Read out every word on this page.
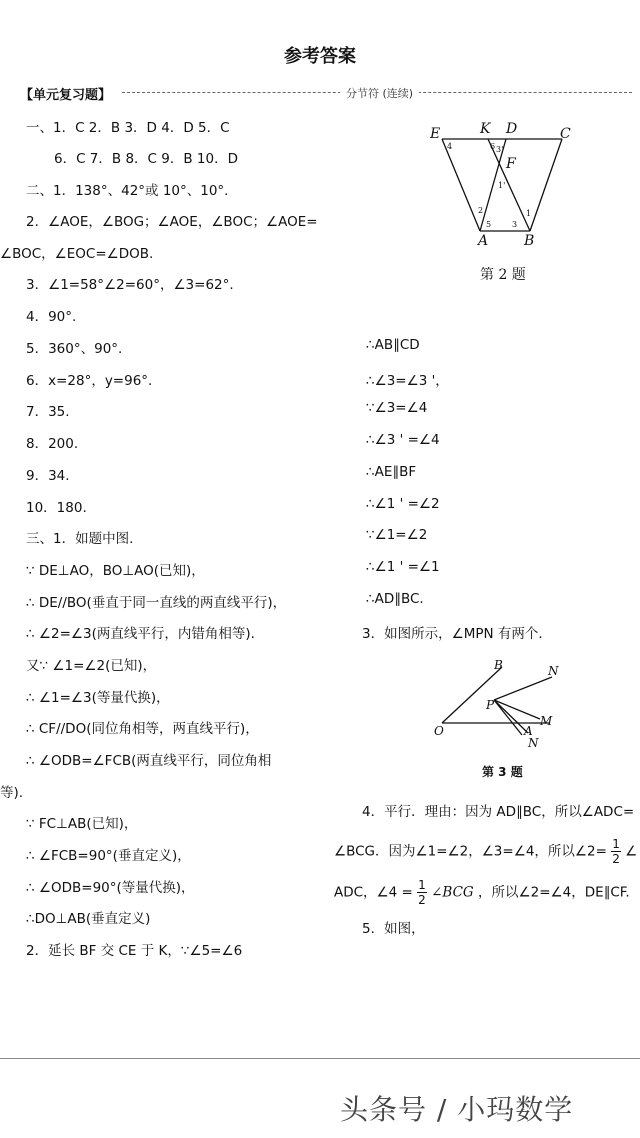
参考答案
【单元复习题】	分节符 (连续)
一、1．C 2．B 3．D 4．D 5．C
6．C 7．B 8．C 9．B 10．D
二、1．138°、42°或 10°、10°.
2．∠AOE，∠BOG；∠AOE，∠BOC；∠AOE=
∠BOC，∠EOC=∠DOB.
3．∠1=58°∠2=60°，∠3=62°.
4．90°.
5．360°、90°.
6．x=28°，y=96°.
7．35.
8．200.
9．34.
10．180.
三、1．如题中图.
∵ DE⊥AO，BO⊥AO(已知)，
∴ DE//BO(垂直于同一直线的两直线平行)，
∴ ∠2=∠3(两直线平行，内错角相等).
又∵ ∠1=∠2(已知)，
∴ ∠1=∠3(等量代换)，
∴ CF//DO(同位角相等，两直线平行)，
∴ ∠ODB=∠FCB(两直线平行，同位角相
等).
∵ FC⊥AB(已知)，
∴ ∠FCB=90°(垂直定义)，
∴ ∠ODB=90°(等量代换)，
∴DO⊥AB(垂直定义)
2．延长 BF 交 CE 于 K，∵∠5=∠6
E	K D	C
F
A	B
4	6 3'
1'
2
5	3
1
第 2 题
∴AB∥CD
∴∠3=∠3 '，
∵∠3=∠4
∴∠3 ' =∠4
∴AE∥BF
∴∠1 ' =∠2
∵∠1=∠2
∴∠1 ' =∠1
∴AD∥BC.
3．如图所示，∠MPN 有两个.
O
B	N
P
M
A
N
第 3 题
4．平行．理由：因为 AD∥BC，所以∠ADC=
∠BCG．因为∠1=∠2，∠3=∠4，所以∠2= $\frac{1}{2}$ ∠
ADC，∠4 = $\frac{1}{2}$ ∠BCG ，所以∠2=∠4，DE∥CF.
5．如图，
头条号 / 小玛数学
